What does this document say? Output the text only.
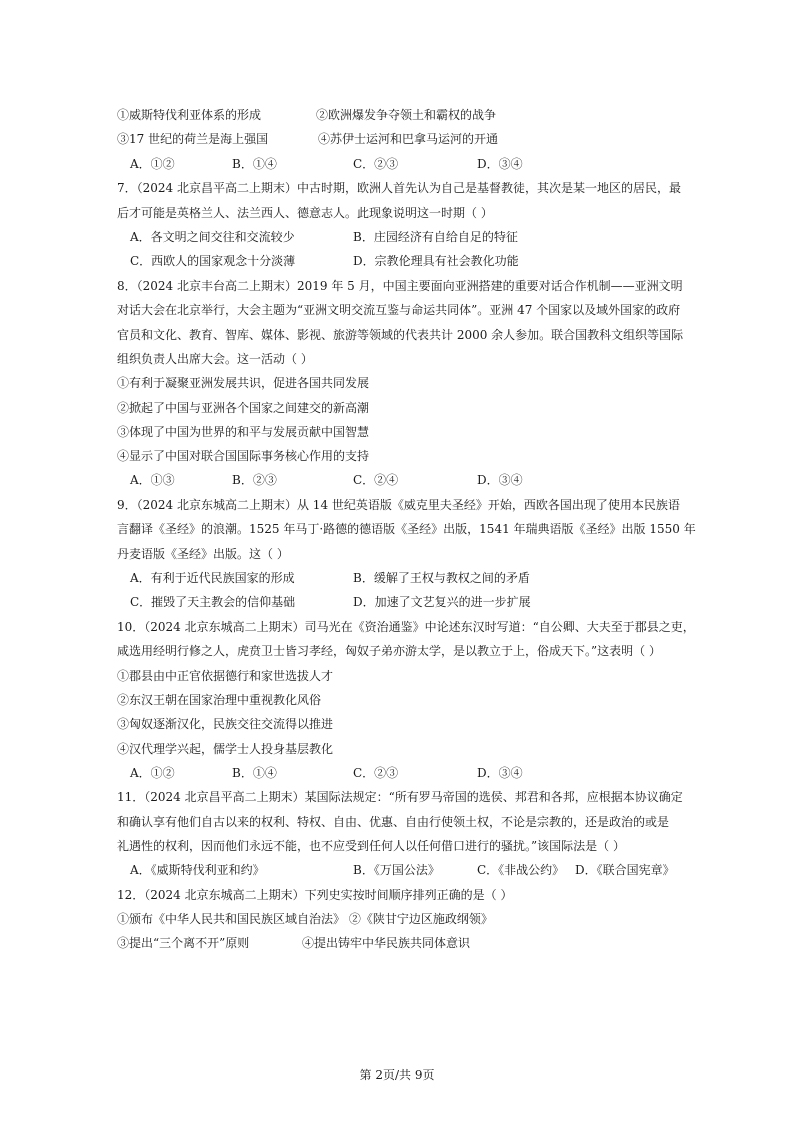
①威斯特伐利亚体系的形成	②欧洲爆发争夺领土和霸权的战争
③17 世纪的荷兰是海上强国	④苏伊士运河和巴拿马运河的开通
A．①②	B．①④	C．②③	D．③④
7．（2024 北京昌平高二上期末）中古时期，欧洲人首先认为自己是基督教徒，其次是某一地区的居民，最
后才可能是英格兰人、法兰西人、德意志人。此现象说明这一时期（ ）
A．各文明之间交往和交流较少	B．庄园经济有自给自足的特征
C．西欧人的国家观念十分淡薄	D．宗教伦理具有社会教化功能
8．（2024 北京丰台高二上期末）2019 年 5 月，中国主要面向亚洲搭建的重要对话合作机制——亚洲文明
对话大会在北京举行，大会主题为“亚洲文明交流互鉴与命运共同体”。亚洲 47 个国家以及域外国家的政府
官员和文化、教育、智库、媒体、影视、旅游等领域的代表共计 2000 余人参加。联合国教科文组织等国际
组织负责人出席大会。这一活动（ ）
①有利于凝聚亚洲发展共识，促进各国共同发展
②掀起了中国与亚洲各个国家之间建交的新高潮
③体现了中国为世界的和平与发展贡献中国智慧
④显示了中国对联合国国际事务核心作用的支持
A．①③	B．②③	C．②④	D．③④
9．（2024 北京东城高二上期末）从 14 世纪英语版《威克里夫圣经》开始，西欧各国出现了使用本民族语
言翻译《圣经》的浪潮。1525 年马丁·路德的德语版《圣经》出版，1541 年瑞典语版《圣经》出版 1550 年
丹麦语版《圣经》出版。这（ ）
A．有利于近代民族国家的形成	B．缓解了王权与教权之间的矛盾
C．摧毁了天主教会的信仰基础	D．加速了文艺复兴的进一步扩展
10．（2024 北京东城高二上期末）司马光在《资治通鉴》中论述东汉时写道：“自公卿、大夫至于郡县之吏，
咸选用经明行修之人，虎贲卫士皆习孝经，匈奴子弟亦游太学，是以教立于上，俗成天下。”这表明（ ）
①郡县由中正官依据德行和家世选拔人才
②东汉王朝在国家治理中重视教化风俗
③匈奴逐渐汉化，民族交往交流得以推进
④汉代理学兴起，儒学士人投身基层教化
A．①②	B．①④	C．②③	D．③④
11．（2024 北京昌平高二上期末）某国际法规定：“所有罗马帝国的选侯、邦君和各邦，应根据本协议确定
和确认享有他们自古以来的权利、特权、自由、优惠、自由行使领土权，不论是宗教的，还是政治的或是
礼遇性的权利，因而他们永远不能，也不应受到任何人以任何借口进行的骚扰。”该国际法是（ ）
A．《威斯特伐利亚和约》	B．《万国公法》	C．《非战公约》 D．《联合国宪章》
12．（2024 北京东城高二上期末）下列史实按时间顺序排列正确的是（ ）
①颁布《中华人民共和国民族区域自治法》 ②《陕甘宁边区施政纲领》
③提出“三个离不开”原则	④提出铸牢中华民族共同体意识
第 2页/共 9页
